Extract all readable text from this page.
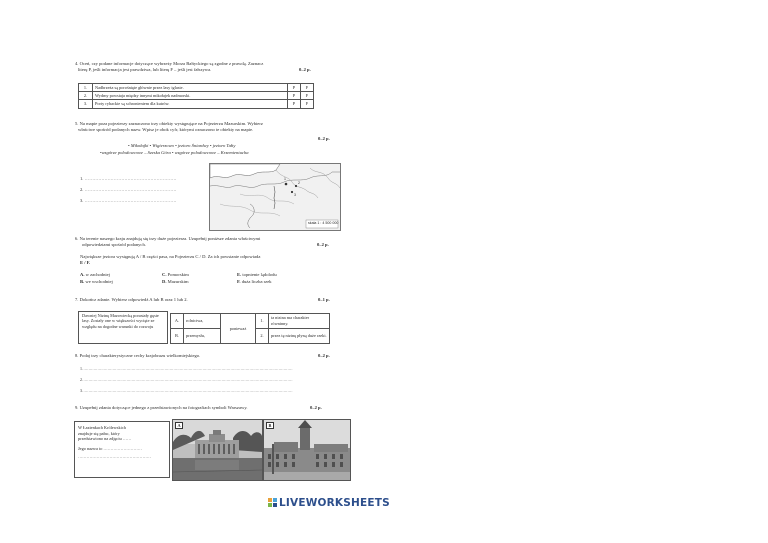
4. Oceń, czy podane informacje dotyczące wybrzeży Morza Bałtyckiego są zgodne z prawdą. Zaznacz
literę P, jeśli informacja jest prawdziwa, lub literę F – jeśli jest fałszywa.	0–2 p.
1.	Nadbrzeża są porośnięte głównie przez lasy iglaste.	P	F
2.	Wydmy powstaja między innymi mikołajek nadmorski.	P	F
3.	Porty rybackie są schronieniem dla kutrów.	P	F
5. Na mapie poza pojezierzy zaznaczono trzy obiekty występujące na Pojezierzu Mazurskim. Wybierz
właściwe spośród podanych nazw. Wpisz je obok cyfr, którymi oznaczono te obiekty na mapie.
0–2 p.
• Mikołajki • Wigierzowo • jezioro Śniardwy • jezioro Tałty
•wzgórze polodowcowe – Szeska Góra • wzgórze polodowcowe – Krzemientucha
1. ……………………………………………………
2. ……………………………………………………
3. ……………………………………………………
1
2
3
skala 1 : 4 500 000
6. Na terenie naszego kraju znajdują się trzy duże pojezierza. Uzupełnij poniższe zdania właściwymi
odpowiedziami spośród podanych.	0–2 p.
Największe jeziora występują A / B części pasa, na Pojezierzu C / D. Za ich powstanie odpowiada
E / F.
A. w zachodniej
B. we wschodniej
C. Pomorskim
D. Mazurskim
E. topnienie lądolodu
F. duża liczba rzek
7. Dokończ zdanie. Wybierz odpowiedź A lub B oraz 1 lub 2.	0–1 p.
Dawniej Nizinę Mazowiecką porastały gęste lasy. Zostały one w większości wycięte ze względu na dogodne warunki do rozwoju
A.	rolnictwa,	ponieważ	1.	ta nizina ma charakter równinny.
B.	przemysłu,		2.	przez tę nizinę płyną duże rzeki.
8. Podaj trzy charakterystyczne cechy krajobrazu wielkomiejskiego.	0–2 p.
1. …………………………………………………………………………………………………………………………………………………
2. …………………………………………………………………………………………………………………………………………………
3. …………………………………………………………………………………………………………………………………………………
9. Uzupełnij zdania dotyczące jednego z przedstawionych na fotografiach symboli Warszawy.	0–2 p.
W Łazienkach Królewskich
znajduje się pałac, który
przedstawiono na zdjęciu ……
Jego nazwa to ………………………
……………………………………………
A	B
LIVEWORKSHEETS
